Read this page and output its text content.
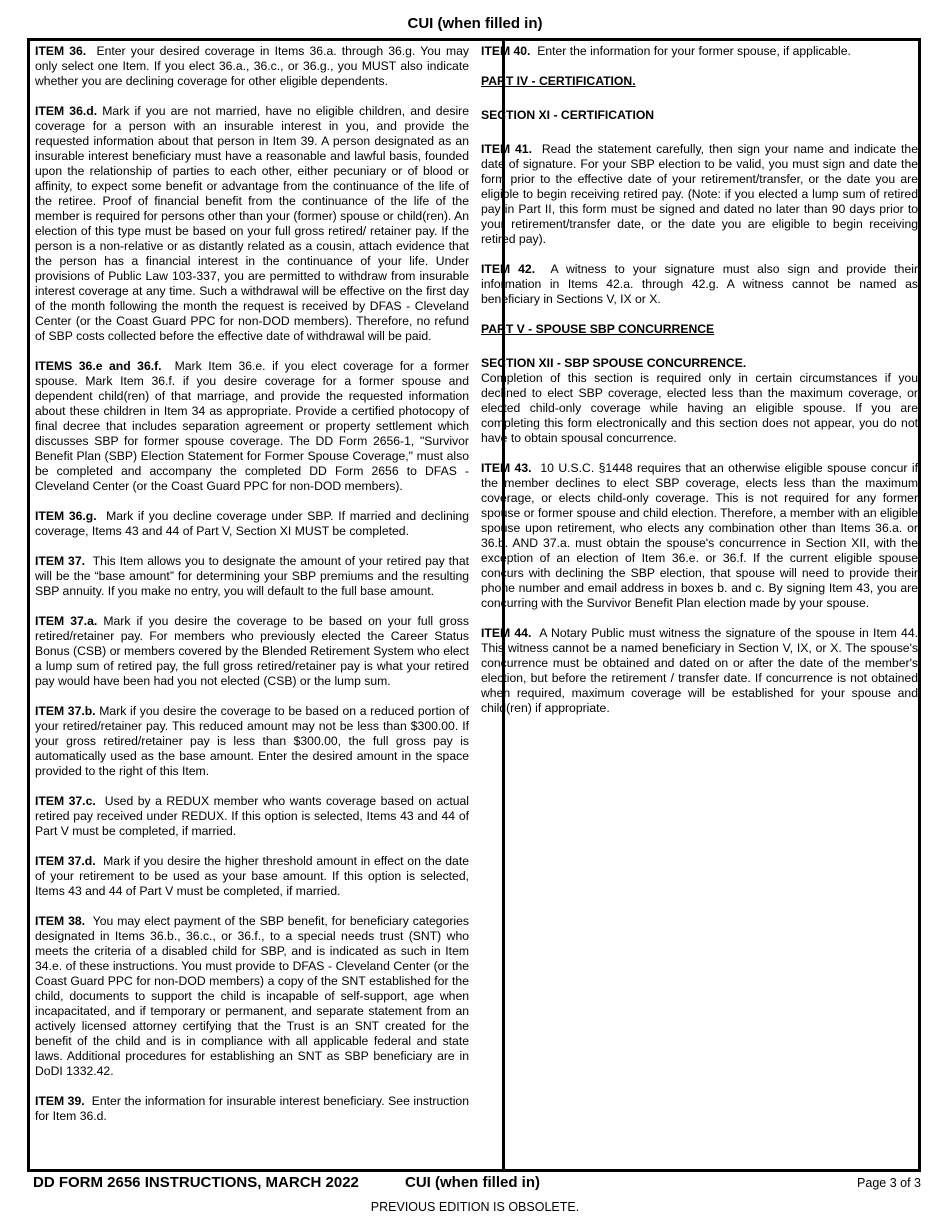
CUI (when filled in)

ITEM 36. Enter your desired coverage in Items 36.a. through 36.g. You may only select one Item. If you elect 36.a., 36.c., or 36.g., you MUST also indicate whether you are declining coverage for other eligible dependents.

ITEM 36.d. Mark if you are not married, have no eligible children, and desire coverage for a person with an insurable interest in you, and provide the requested information about that person in Item 39. A person designated as an insurable interest beneficiary must have a reasonable and lawful basis, founded upon the relationship of parties to each other, either pecuniary or of blood or affinity, to expect some benefit or advantage from the continuance of the life of the retiree. Proof of financial benefit from the continuance of the life of the member is required for persons other than your (former) spouse or child(ren). An election of this type must be based on your full gross retired/ retainer pay. If the person is a non-relative or as distantly related as a cousin, attach evidence that the person has a financial interest in the continuance of your life. Under provisions of Public Law 103-337, you are permitted to withdraw from insurable interest coverage at any time. Such a withdrawal will be effective on the first day of the month following the month the request is received by DFAS - Cleveland Center (or the Coast Guard PPC for non-DOD members). Therefore, no refund of SBP costs collected before the effective date of withdrawal will be paid.

ITEMS 36.e and 36.f. Mark Item 36.e. if you elect coverage for a former spouse. Mark Item 36.f. if you desire coverage for a former spouse and dependent child(ren) of that marriage, and provide the requested information about these children in Item 34 as appropriate. Provide a certified photocopy of final decree that includes separation agreement or property settlement which discusses SBP for former spouse coverage. The DD Form 2656-1, "Survivor Benefit Plan (SBP) Election Statement for Former Spouse Coverage," must also be completed and accompany the completed DD Form 2656 to DFAS - Cleveland Center (or the Coast Guard PPC for non-DOD members).

ITEM 36.g. Mark if you decline coverage under SBP. If married and declining coverage, Items 43 and 44 of Part V, Section XI MUST be completed.

ITEM 37. This Item allows you to designate the amount of your retired pay that will be the “base amount” for determining your SBP premiums and the resulting SBP annuity. If you make no entry, you will default to the full base amount.

ITEM 37.a. Mark if you desire the coverage to be based on your full gross retired/retainer pay. For members who previously elected the Career Status Bonus (CSB) or members covered by the Blended Retirement System who elect a lump sum of retired pay, the full gross retired/retainer pay is what your retired pay would have been had you not elected (CSB) or the lump sum.

ITEM 37.b. Mark if you desire the coverage to be based on a reduced portion of your retired/retainer pay. This reduced amount may not be less than $300.00. If your gross retired/retainer pay is less than $300.00, the full gross pay is automatically used as the base amount. Enter the desired amount in the space provided to the right of this Item.

ITEM 37.c. Used by a REDUX member who wants coverage based on actual retired pay received under REDUX. If this option is selected, Items 43 and 44 of Part V must be completed, if married.

ITEM 37.d. Mark if you desire the higher threshold amount in effect on the date of your retirement to be used as your base amount. If this option is selected, Items 43 and 44 of Part V must be completed, if married.

ITEM 38. You may elect payment of the SBP benefit, for beneficiary categories designated in Items 36.b., 36.c., or 36.f., to a special needs trust (SNT) who meets the criteria of a disabled child for SBP, and is indicated as such in Item 34.e. of these instructions. You must provide to DFAS - Cleveland Center (or the Coast Guard PPC for non-DOD members) a copy of the SNT established for the child, documents to support the child is incapable of self-support, age when incapacitated, and if temporary or permanent, and separate statement from an actively licensed attorney certifying that the Trust is an SNT created for the benefit of the child and is in compliance with all applicable federal and state laws. Additional procedures for establishing an SNT as SBP beneficiary are in DoDI 1332.42.

ITEM 39. Enter the information for insurable interest beneficiary. See instruction for Item 36.d.

ITEM 40. Enter the information for your former spouse, if applicable.

PART IV - CERTIFICATION.

SECTION XI - CERTIFICATION

ITEM 41. Read the statement carefully, then sign your name and indicate the date of signature. For your SBP election to be valid, you must sign and date the form prior to the effective date of your retirement/transfer, or the date you are eligible to begin receiving retired pay. (Note: if you elected a lump sum of retired pay in Part II, this form must be signed and dated no later than 90 days prior to your retirement/transfer date, or the date you are eligible to begin receiving retired pay).

ITEM 42. A witness to your signature must also sign and provide their information in Items 42.a. through 42.g. A witness cannot be named as beneficiary in Sections V, IX or X.

PART V - SPOUSE SBP CONCURRENCE

SECTION XII - SBP SPOUSE CONCURRENCE.

Completion of this section is required only in certain circumstances if you declined to elect SBP coverage, elected less than the maximum coverage, or elected child-only coverage while having an eligible spouse. If you are completing this form electronically and this section does not appear, you do not have to obtain spousal concurrence.

ITEM 43. 10 U.S.C. §1448 requires that an otherwise eligible spouse concur if the member declines to elect SBP coverage, elects less than the maximum coverage, or elects child-only coverage. This is not required for any former spouse or former spouse and child election. Therefore, a member with an eligible spouse upon retirement, who elects any combination other than Items 36.a. or 36.b. AND 37.a. must obtain the spouse's concurrence in Section XII, with the exception of an election of Item 36.e. or 36.f. If the current eligible spouse concurs with declining the SBP election, that spouse will need to provide their phone number and email address in boxes b. and c. By signing Item 43, you are concurring with the Survivor Benefit Plan election made by your spouse.

ITEM 44. A Notary Public must witness the signature of the spouse in Item 44. This witness cannot be a named beneficiary in Section V, IX, or X. The spouse's concurrence must be obtained and dated on or after the date of the member's election, but before the retirement / transfer date. If concurrence is not obtained when required, maximum coverage will be established for your spouse and child(ren) if appropriate.

DD FORM 2656 INSTRUCTIONS, MARCH 2022	CUI (when filled in)	Page 3 of 3
PREVIOUS EDITION IS OBSOLETE.
